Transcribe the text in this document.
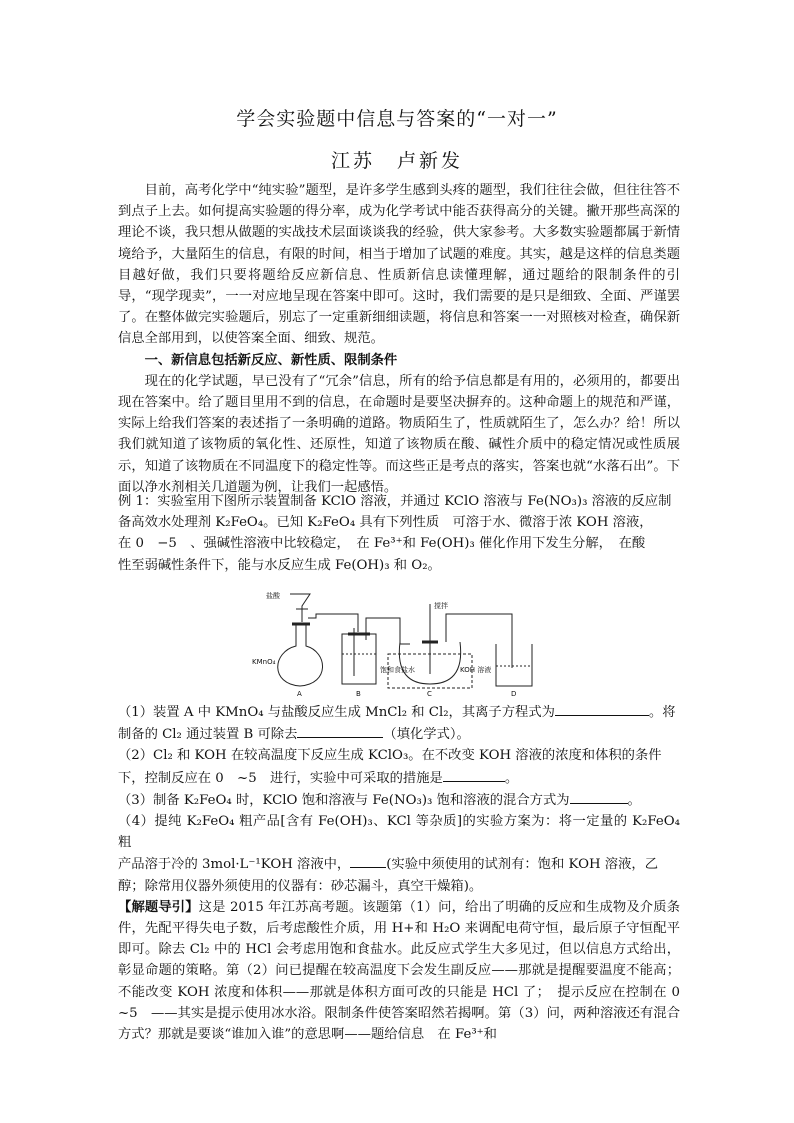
学会实验题中信息与答案的“一对一”
江苏　卢新发

目前，高考化学中“纯实验”题型，是许多学生感到头疼的题型，我们往往会做，但往往答不到点子上去。如何提高实验题的得分率，成为化学考试中能否获得高分的关键。撇开那些高深的理论不谈，我只想从做题的实战技术层面谈谈我的经验，供大家参考。大多数实验题都属于新情境给予，大量陌生的信息，有限的时间，相当于增加了试题的难度。其实，越是这样的信息类题目越好做，我们只要将题给反应新信息、性质新信息读懂理解，通过题给的限制条件的引导，“现学现卖”，一一对应地呈现在答案中即可。这时，我们需要的是只是细致、全面、严谨罢了。在整体做完实验题后，别忘了一定重新细细读题，将信息和答案一一对照核对检查，确保新信息全部用到，以使答案全面、细致、规范。

一、新信息包括新反应、新性质、限制条件

现在的化学试题，早已没有了“冗余”信息，所有的给予信息都是有用的，必须用的，都要出现在答案中。给了题目里用不到的信息，在命题时是要坚决摒弃的。这种命题上的规范和严谨，实际上给我们答案的表述指了一条明确的道路。物质陌生了，性质就陌生了，怎么办？给！所以我们就知道了该物质的氧化性、还原性，知道了该物质在酸、碱性介质中的稳定情况或性质展示，知道了该物质在不同温度下的稳定性等。而这些正是考点的落实，答案也就“水落石出”。下面以净水剂相关几道题为例，让我们一起感悟。

例 1：实验室用下图所示装置制备 KClO 溶液，并通过 KClO 溶液与 Fe(NO₃)₃ 溶液的反应制

备高效水处理剂 K₂FeO₄。已知 K₂FeO₄ 具有下列性质　可溶于水、微溶于浓 KOH 溶液，

在 0　−5　、强碱性溶液中比较稳定，　在 Fe³⁺和 Fe(OH)₃ 催化作用下发生分解，　在酸

性至弱碱性条件下，能与水反应生成 Fe(OH)₃ 和 O₂。

盐酸
搅拌
KMnO₄
饱和食盐水	KOH 溶液
A	B	C	D

（1）装置 A 中 KMnO₄ 与盐酸反应生成 MnCl₂ 和 Cl₂，其离子方程式为	。将

制备的 Cl₂ 通过装置 B 可除去	（填化学式）。

（2）Cl₂ 和 KOH 在较高温度下反应生成 KClO₃。在不改变 KOH 溶液的浓度和体积的条件

下，控制反应在 0　~5　进行，实验中可采取的措施是	。

（3）制备 K₂FeO₄ 时，KClO 饱和溶液与 Fe(NO₃)₃ 饱和溶液的混合方式为	。

（4）提纯 K₂FeO₄ 粗产品[含有 Fe(OH)₃、KCl 等杂质]的实验方案为：将一定量的 K₂FeO₄ 粗

产品溶于冷的 3mol·L⁻¹KOH 溶液中，	(实验中须使用的试剂有：饱和 KOH 溶液，乙

醇；除常用仪器外须使用的仪器有：砂芯漏斗，真空干燥箱)。

【解题导引】这是 2015 年江苏高考题。该题第（1）问，给出了明确的反应和生成物及介质条件，先配平得失电子数，后考虑酸性介质，用 H+和 H₂O 来调配电荷守恒，最后原子守恒配平即可。除去 Cl₂ 中的 HCl 会考虑用饱和食盐水。此反应式学生大多见过，但以信息方式给出，彰显命题的策略。第（2）问已提醒在较高温度下会发生副反应——那就是提醒要温度不能高；不能改变 KOH 浓度和体积——那就是体积方面可改的只能是 HCl 了；　提示反应在控制在 0　~5　——其实是提示使用冰水浴。限制条件使答案昭然若揭啊。第（3）问，两种溶液还有混合方式？那就是要谈“谁加入谁”的意思啊——题给信息　在 Fe³⁺和
